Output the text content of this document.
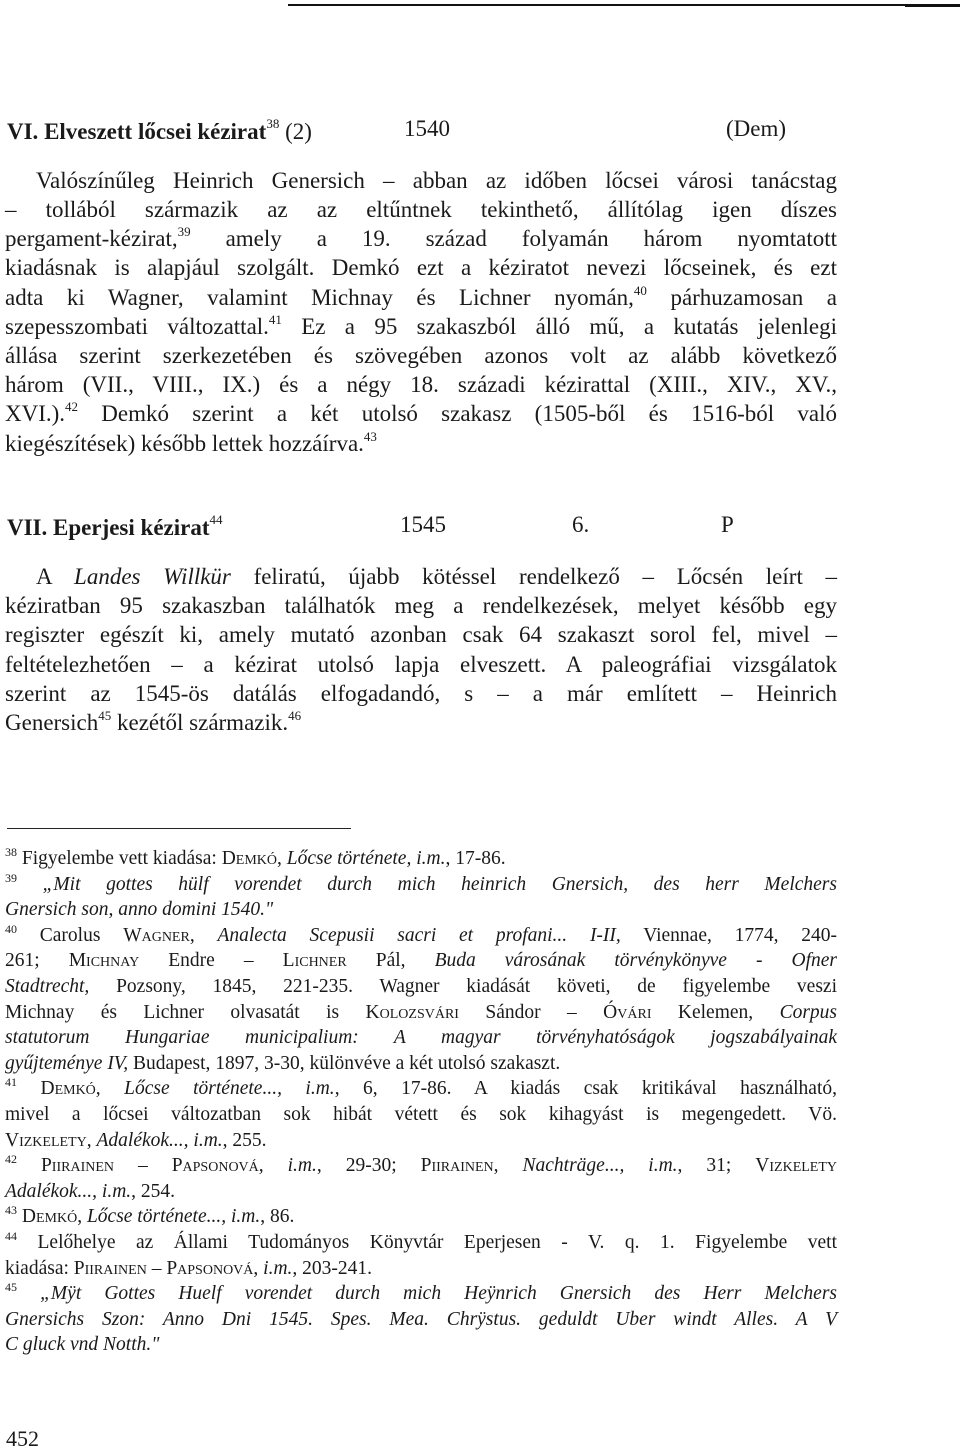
VI. Elveszett lőcsei kézirat$^{38}$ (2)	1540	(Dem)
Valószínűleg Heinrich Genersich – abban az időben lőcsei városi tanácstag
– tollából származik az az eltűntnek tekinthető, állítólag igen díszes
pergament-kézirat,$^{39}$ amely a 19. század folyamán három nyomtatott
kiadásnak is alapjául szolgált. Demkó ezt a kéziratot nevezi lőcseinek, és ezt
adta ki Wagner, valamint Michnay és Lichner nyomán,$^{40}$ párhuzamosan a
szepesszombati változattal.$^{41}$ Ez a 95 szakaszból álló mű, a kutatás jelenlegi
állása szerint szerkezetében és szövegében azonos volt az alább következő
három (VII., VIII., IX.) és a négy 18. századi kézirattal (XIII., XIV., XV.,
XVI.).$^{42}$ Demkó szerint a két utolsó szakasz (1505-ből és 1516-ból való
kiegészítések) később lettek hozzáírva.$^{43}$
VII. Eperjesi kézirat$^{44}$	1545	6.	P
A Landes Willkür feliratú, újabb kötéssel rendelkező – Lőcsén leírt –
kéziratban 95 szakaszban találhatók meg a rendelkezések, melyet később egy
regiszter egészít ki, amely mutató azonban csak 64 szakaszt sorol fel, mivel –
feltételezhetően – a kézirat utolsó lapja elveszett. A paleográfiai vizsgálatok
szerint az 1545-ös datálás elfogadandó, s – a már említett – Heinrich
Genersich$^{45}$ kezétől származik.$^{46}$
$^{38}$ Figyelembe vett kiadása: Demkó, Lőcse története, i.m., 17-86.
$^{39}$ „Mit gottes hülf vorendet durch mich heinrich Gnersich, des herr Melchers
Gnersich son, anno domini 1540."
$^{40}$ Carolus Wagner, Analecta Scepusii sacri et profani... I-II, Viennae, 1774, 240-
261; Michnay Endre – Lichner Pál, Buda városának törvénykönyve - Ofner
Stadtrecht, Pozsony, 1845, 221-235. Wagner kiadását követi, de figyelembe veszi
Michnay és Lichner olvasatát is Kolozsvári Sándor – Óvári Kelemen, Corpus
statutorum Hungariae municipalium: A magyar törvényhatóságok jogszabályainak
gyűjteménye IV, Budapest, 1897, 3-30, különvéve a két utolsó szakaszt.
$^{41}$ Demkó, Lőcse története..., i.m., 6, 17-86. A kiadás csak kritikával használható,
mivel a lőcsei változatban sok hibát vétett és sok kihagyást is megengedett. Vö.
Vizkelety, Adalékok..., i.m., 255.
$^{42}$ Piirainen – Papsonová, i.m., 29-30; Piirainen, Nachträge..., i.m., 31; Vizkelety
Adalékok..., i.m., 254.
$^{43}$ Demkó, Lőcse története..., i.m., 86.
$^{44}$ Lelőhelye az Állami Tudományos Könyvtár Eperjesen - V. q. 1. Figyelembe vett
kiadása: Piirainen – Papsonová, i.m., 203-241.
$^{45}$ „Mÿt Gottes Huelf vorendet durch mich Heÿnrich Gnersich des Herr Melchers
Gnersichs Szon: Anno Dni 1545. Spes. Mea. Chrÿstus. geduldt Uber windt Alles. A V
C gluck vnd Notth."
452
